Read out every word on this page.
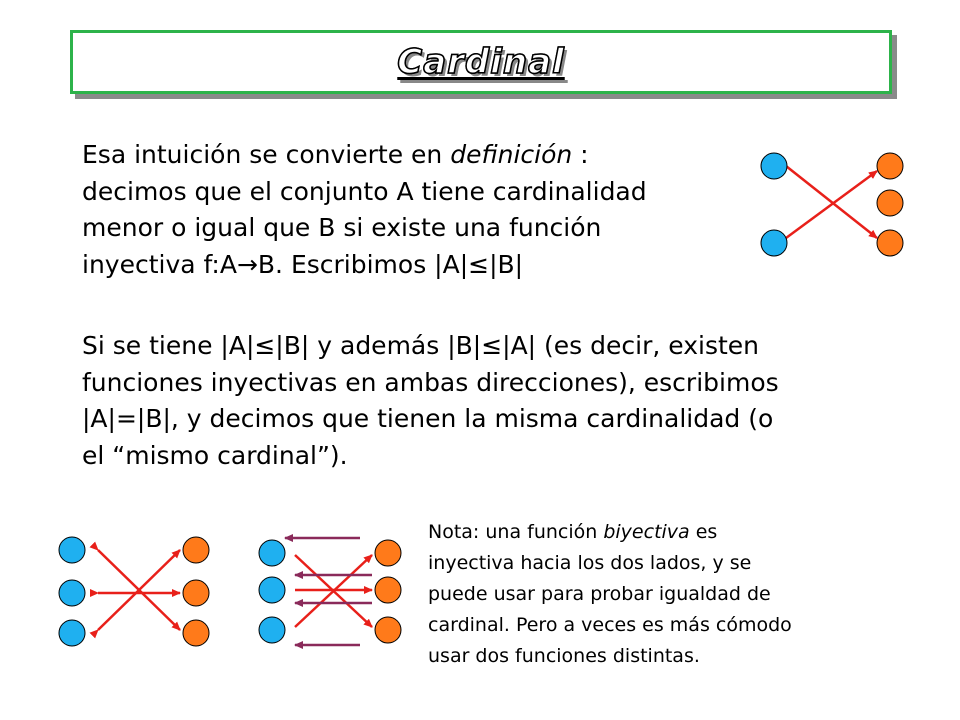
Cardinal
Esa intuición se convierte en definición :
decimos que el conjunto A tiene cardinalidad
menor o igual que B si existe una función
inyectiva f:A→B. Escribimos |A|≤|B|
Si se tiene |A|≤|B| y además |B|≤|A| (es decir, existen
funciones inyectivas en ambas direcciones), escribimos
|A|=|B|, y decimos que tienen la misma cardinalidad (o
el “mismo cardinal”).
Nota: una función biyectiva es
inyectiva hacia los dos lados, y se
puede usar para probar igualdad de
cardinal. Pero a veces es más cómodo
usar dos funciones distintas.
